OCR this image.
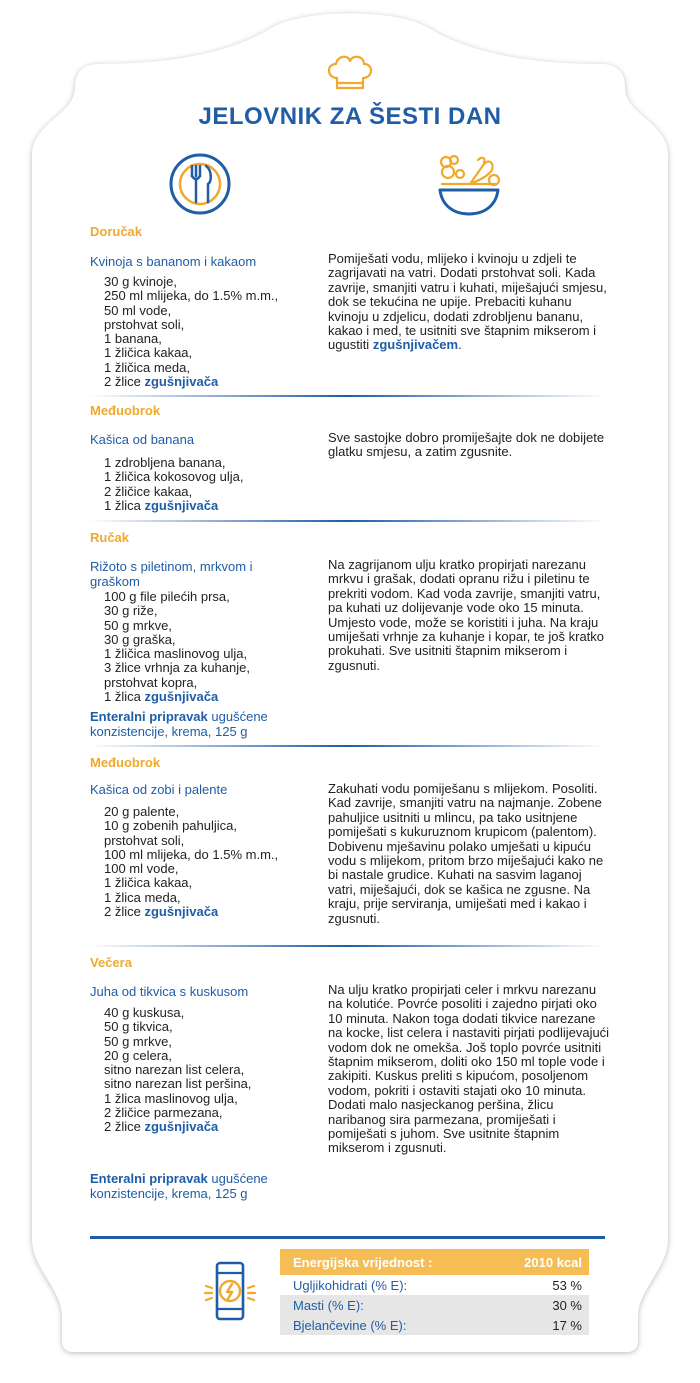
JELOVNIK ZA ŠESTI DAN
Doručak
Kvinoja s bananom i kakaom
30 g kvinoje,
250 ml mlijeka, do 1.5% m.m.,
50 ml vode,
prstohvat soli,
1 banana,
1 žličica kakaa,
1 žličica meda,
2 žlice zgušnjivača
Pomiješati vodu, mlijeko i kvinoju u zdjeli te zagrijavati na vatri. Dodati prstohvat soli. Kada zavrije, smanjiti vatru i kuhati, miješajući smjesu, dok se tekućina ne upije. Prebaciti kuhanu kvinoju u zdjelicu, dodati zdrobljenu bananu, kakao i med, te usitniti sve štapnim mikserom i ugustiti zgušnjivačem.
Međuobrok
Kašica od banana
1 zdrobljena banana,
1 žličica kokosovog ulja,
2 žličice kakaa,
1 žlica zgušnjivača
Sve sastojke dobro promiješajte dok ne dobijete glatku smjesu, a zatim zgusnite.
Ručak
Rižoto s piletinom, mrkvom i graškom
100 g file pilećih prsa,
30 g riže,
50 g mrkve,
30 g graška,
1 žličica maslinovog ulja,
3 žlice vrhnja za kuhanje,
prstohvat kopra,
1 žlica zgušnjivača
Enteralni pripravak ugušćene konzistencije, krema, 125 g
Na zagrijanom ulju kratko propirjati narezanu mrkvu i grašak, dodati opranu rižu i piletinu te prekriti vodom. Kad voda zavrije, smanjiti vatru, pa kuhati uz dolijevanje vode oko 15 minuta. Umjesto vode, može se koristiti i juha. Na kraju umiješati vrhnje za kuhanje i kopar, te još kratko prokuhati. Sve usitniti štapnim mikserom i zgusnuti.
Međuobrok
Kašica od zobi i palente
20 g palente,
10 g zobenih pahuljica,
prstohvat soli,
100 ml mlijeka, do 1.5% m.m.,
100 ml vode,
1 žličica kakaa,
1 žlica meda,
2 žlice zgušnjivača
Zakuhati vodu pomiješanu s mlijekom. Posoliti. Kad zavrije, smanjiti vatru na najmanje. Zobene pahuljice usitniti u mlincu, pa tako usitnjene pomiješati s kukuruznom krupicom (palentom). Dobivenu mješavinu polako umješati u kipuću vodu s mlijekom, pritom brzo miješajući kako ne bi nastale grudice. Kuhati na sasvim laganoj vatri, miješajući, dok se kašica ne zgusne. Na kraju, prije serviranja, umiješati med i kakao i zgusnuti.
Večera
Juha od tikvica s kuskusom
40 g kuskusa,
50 g tikvica,
50 g mrkve,
20 g celera,
sitno narezan list celera,
sitno narezan list peršina,
1 žlica maslinovog ulja,
2 žličice parmezana,
2 žlice zgušnjivača
Enteralni pripravak ugušćene konzistencije, krema, 125 g
Na ulju kratko propirjati celer i mrkvu narezanu na kolutiće. Povrće posoliti i zajedno pirjati oko 10 minuta. Nakon toga dodati tikvice narezane na kocke, list celera i nastaviti pirjati podlijevajući vodom dok ne omekša. Još toplo povrće usitniti štapnim mikserom, doliti oko 150 ml tople vode i zakipiti. Kuskus preliti s kipućom, posoljenom vodom, pokriti i ostaviti stajati oko 10 minuta. Dodati malo nasjeckanog peršina, žlicu naribanog sira parmezana, promiješati i pomiješati s juhom. Sve usitnite štapnim mikserom i zgusnuti.
Energijska vrijednost :	2010 kcal
Ugljikohidrati (% E):	53 %
Masti (% E):	30 %
Bjelančevine (% E):	17 %
